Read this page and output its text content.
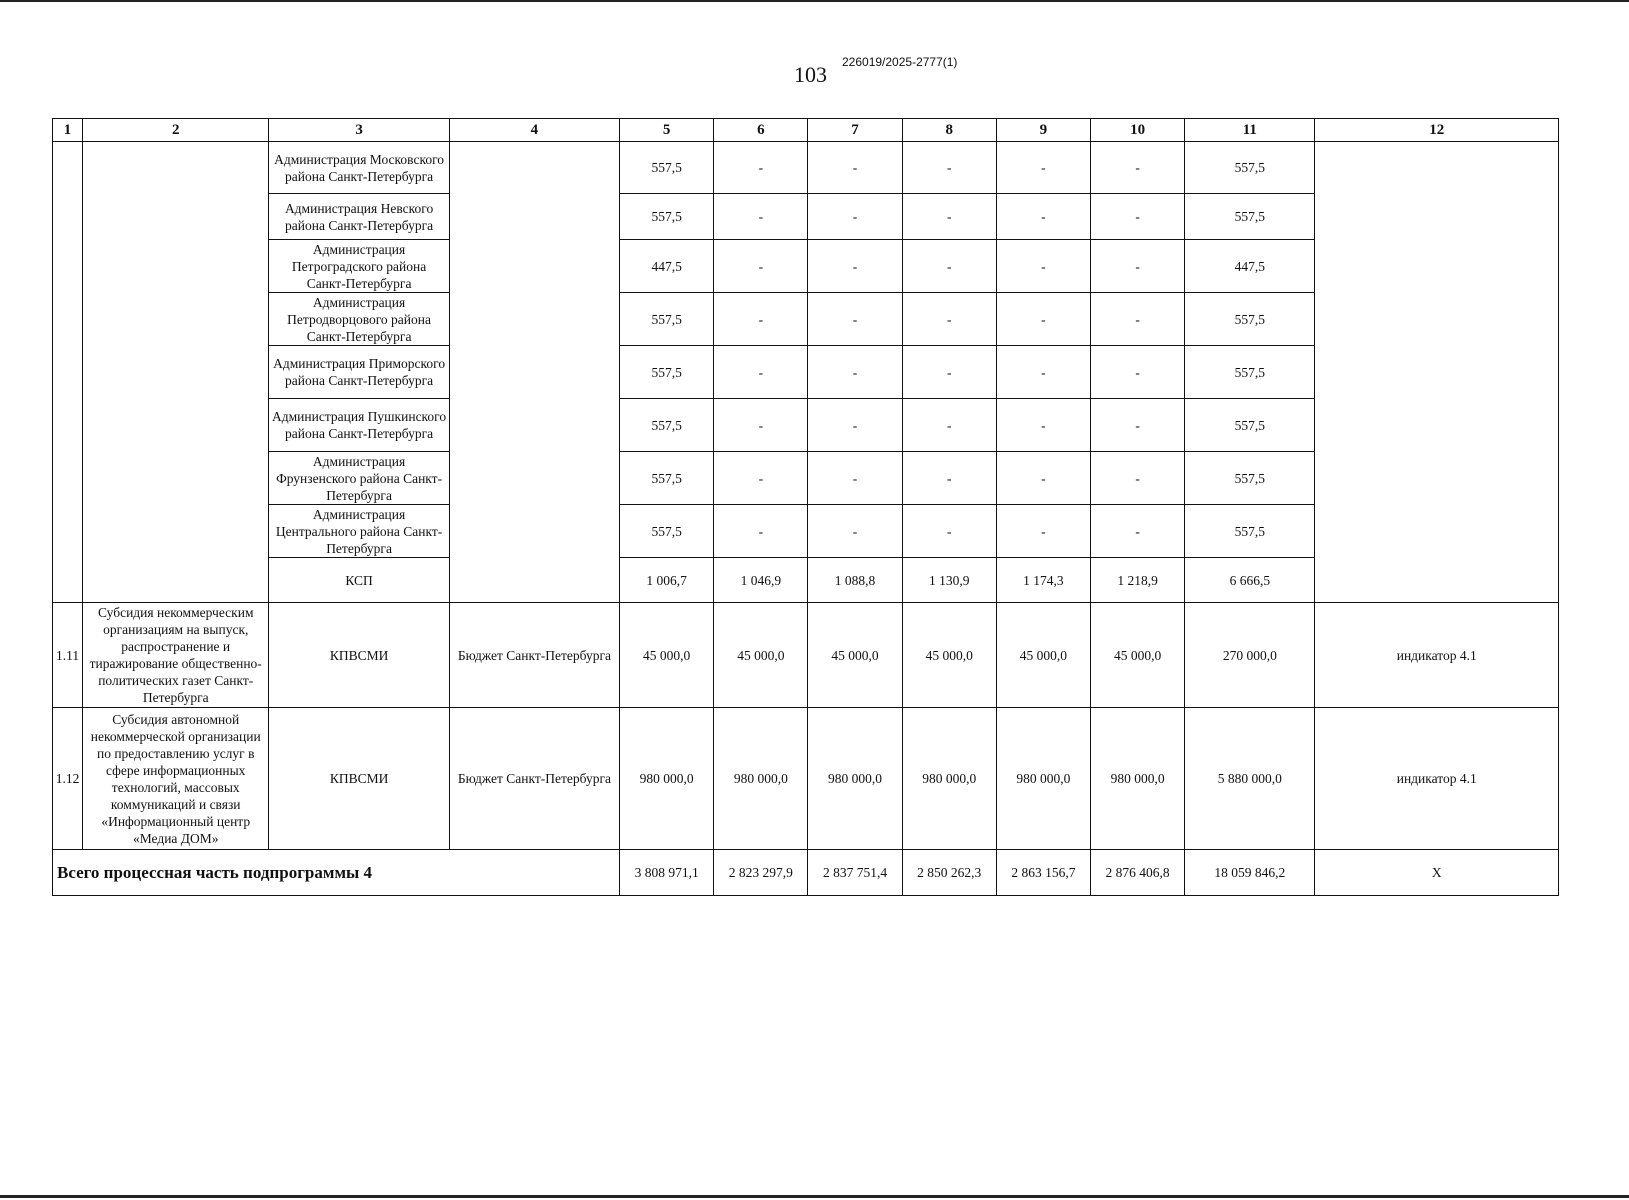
103 226019/2025-2777(1)
1	2	3	4	5	6	7	8	9	10	11	12
		Администрация Московского района Санкт-Петербурга		557,5	-	-	-	-	-	557,5	
		Администрация Невского района Санкт-Петербурга		557,5	-	-	-	-	-	557,5	
		Администрация Петроградского района Санкт-Петербурга		447,5	-	-	-	-	-	447,5	
		Администрация Петродворцового района Санкт-Петербурга		557,5	-	-	-	-	-	557,5	
		Администрация Приморского района Санкт-Петербурга		557,5	-	-	-	-	-	557,5	
		Администрация Пушкинского района Санкт-Петербурга		557,5	-	-	-	-	-	557,5	
		Администрация Фрунзенского района Санкт-Петербурга		557,5	-	-	-	-	-	557,5	
		Администрация Центрального района Санкт-Петербурга		557,5	-	-	-	-	-	557,5	
		КСП		1 006,7	1 046,9	1 088,8	1 130,9	1 174,3	1 218,9	6 666,5	
1.11	Субсидия некоммерческим организациям на выпуск, распространение и тиражирование общественно-политических газет Санкт-Петербурга	КПВСМИ	Бюджет Санкт-Петербурга	45 000,0	45 000,0	45 000,0	45 000,0	45 000,0	45 000,0	270 000,0	индикатор 4.1
1.12	Субсидия автономной некоммерческой организации по предоставлению услуг в сфере информационных технологий, массовых коммуникаций и связи «Информационный центр «Медиа ДОМ»	КПВСМИ	Бюджет Санкт-Петербурга	980 000,0	980 000,0	980 000,0	980 000,0	980 000,0	980 000,0	5 880 000,0	индикатор 4.1
Всего процессная часть подпрограммы 4				3 808 971,1	2 823 297,9	2 837 751,4	2 850 262,3	2 863 156,7	2 876 406,8	18 059 846,2	Х
